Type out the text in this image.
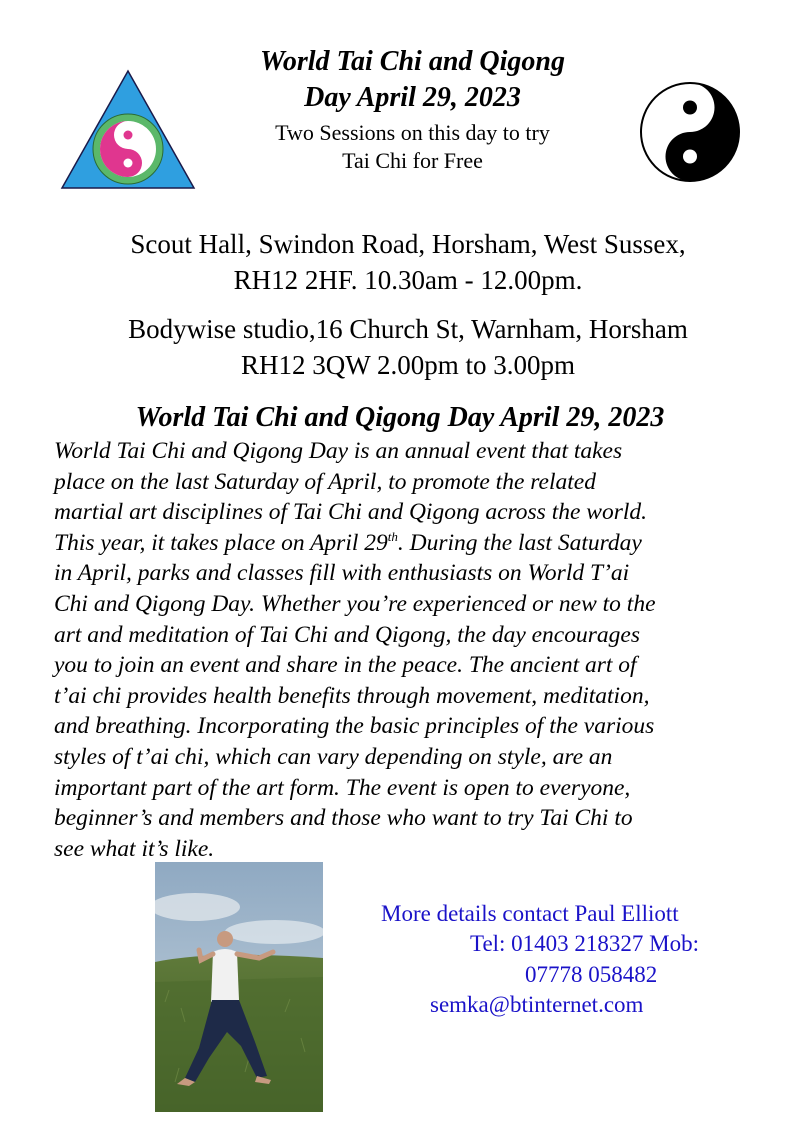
World Tai Chi and Qigong
Day April 29, 2023
Two Sessions on this day to try
Tai Chi for Free
Scout Hall, Swindon Road, Horsham, West Sussex,
RH12 2HF. 10.30am - 12.00pm.
Bodywise studio,16 Church St, Warnham, Horsham
RH12 3QW 2.00pm to 3.00pm
World Tai Chi and Qigong Day April 29, 2023
World Tai Chi and Qigong Day is an annual event that takes
place on the last Saturday of April, to promote the related
martial art disciplines of Tai Chi and Qigong across the world.
This year, it takes place on April 29th. During the last Saturday
in April, parks and classes fill with enthusiasts on World T’ai
Chi and Qigong Day. Whether you’re experienced or new to the
art and meditation of Tai Chi and Qigong, the day encourages
you to join an event and share in the peace. The ancient art of
t’ai chi provides health benefits through movement, meditation,
and breathing. Incorporating the basic principles of the various
styles of t’ai chi, which can vary depending on style, are an
important part of the art form. The event is open to everyone,
beginner’s and members and those who want to try Tai Chi to
see what it’s like.
More details contact Paul Elliott
Tel: 01403 218327 Mob:
07778 058482
semka@btinternet.com
